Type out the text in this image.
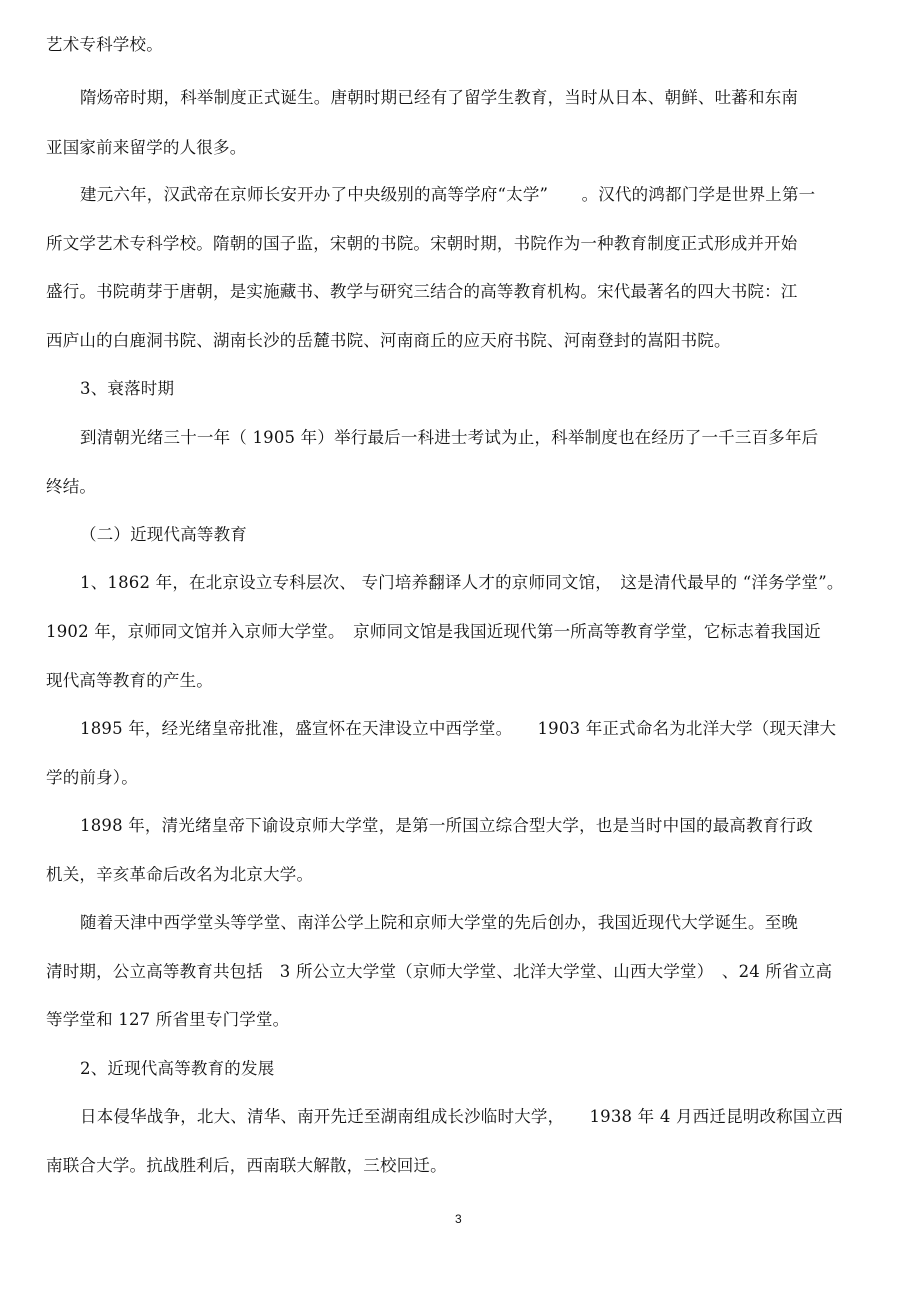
艺术专科学校。
隋炀帝时期，科举制度正式诞生。唐朝时期已经有了留学生教育，当时从日本、朝鲜、吐蕃和东南
亚国家前来留学的人很多。
建元六年，汉武帝在京师长安开办了中央级别的高等学府“太学”　　。汉代的鸿都门学是世界上第一
所文学艺术专科学校。隋朝的国子监，宋朝的书院。宋朝时期，书院作为一种教育制度正式形成并开始
盛行。书院萌芽于唐朝，是实施藏书、教学与研究三结合的高等教育机构。宋代最著名的四大书院：江
西庐山的白鹿洞书院、湖南长沙的岳麓书院、河南商丘的应天府书院、河南登封的嵩阳书院。
3、衰落时期
到清朝光绪三十一年（ 1905 年）举行最后一科进士考试为止，科举制度也在经历了一千三百多年后
终结。
（二）近现代高等教育
1、1862 年，在北京设立专科层次、 专门培养翻译人才的京师同文馆，　这是清代最早的 “洋务学堂”。
1902 年，京师同文馆并入京师大学堂。　京师同文馆是我国近现代第一所高等教育学堂，它标志着我国近
现代高等教育的产生。
1895 年，经光绪皇帝批准，盛宣怀在天津设立中西学堂。　　1903 年正式命名为北洋大学（现天津大
学的前身）。
1898 年，清光绪皇帝下谕设京师大学堂，是第一所国立综合型大学，也是当时中国的最高教育行政
机关，辛亥革命后改名为北京大学。
随着天津中西学堂头等学堂、南洋公学上院和京师大学堂的先后创办，我国近现代大学诞生。至晚
清时期，公立高等教育共包括　3 所公立大学堂（京师大学堂、北洋大学堂、山西大学堂）　、24 所省立高
等学堂和 127 所省里专门学堂。
2、近现代高等教育的发展
日本侵华战争，北大、清华、南开先迁至湖南组成长沙临时大学，　　1938 年 4 月西迁昆明改称国立西
南联合大学。抗战胜利后，西南联大解散，三校回迁。
3
